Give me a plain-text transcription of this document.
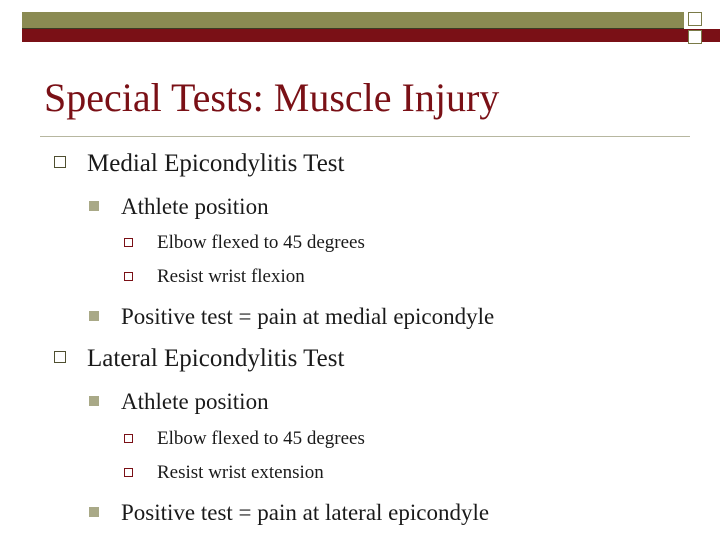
Special Tests: Muscle Injury
Medial Epicondylitis Test
Athlete position
Elbow flexed to 45 degrees
Resist wrist flexion
Positive test = pain at medial epicondyle
Lateral Epicondylitis Test
Athlete position
Elbow flexed to 45 degrees
Resist wrist extension
Positive test = pain at lateral epicondyle
